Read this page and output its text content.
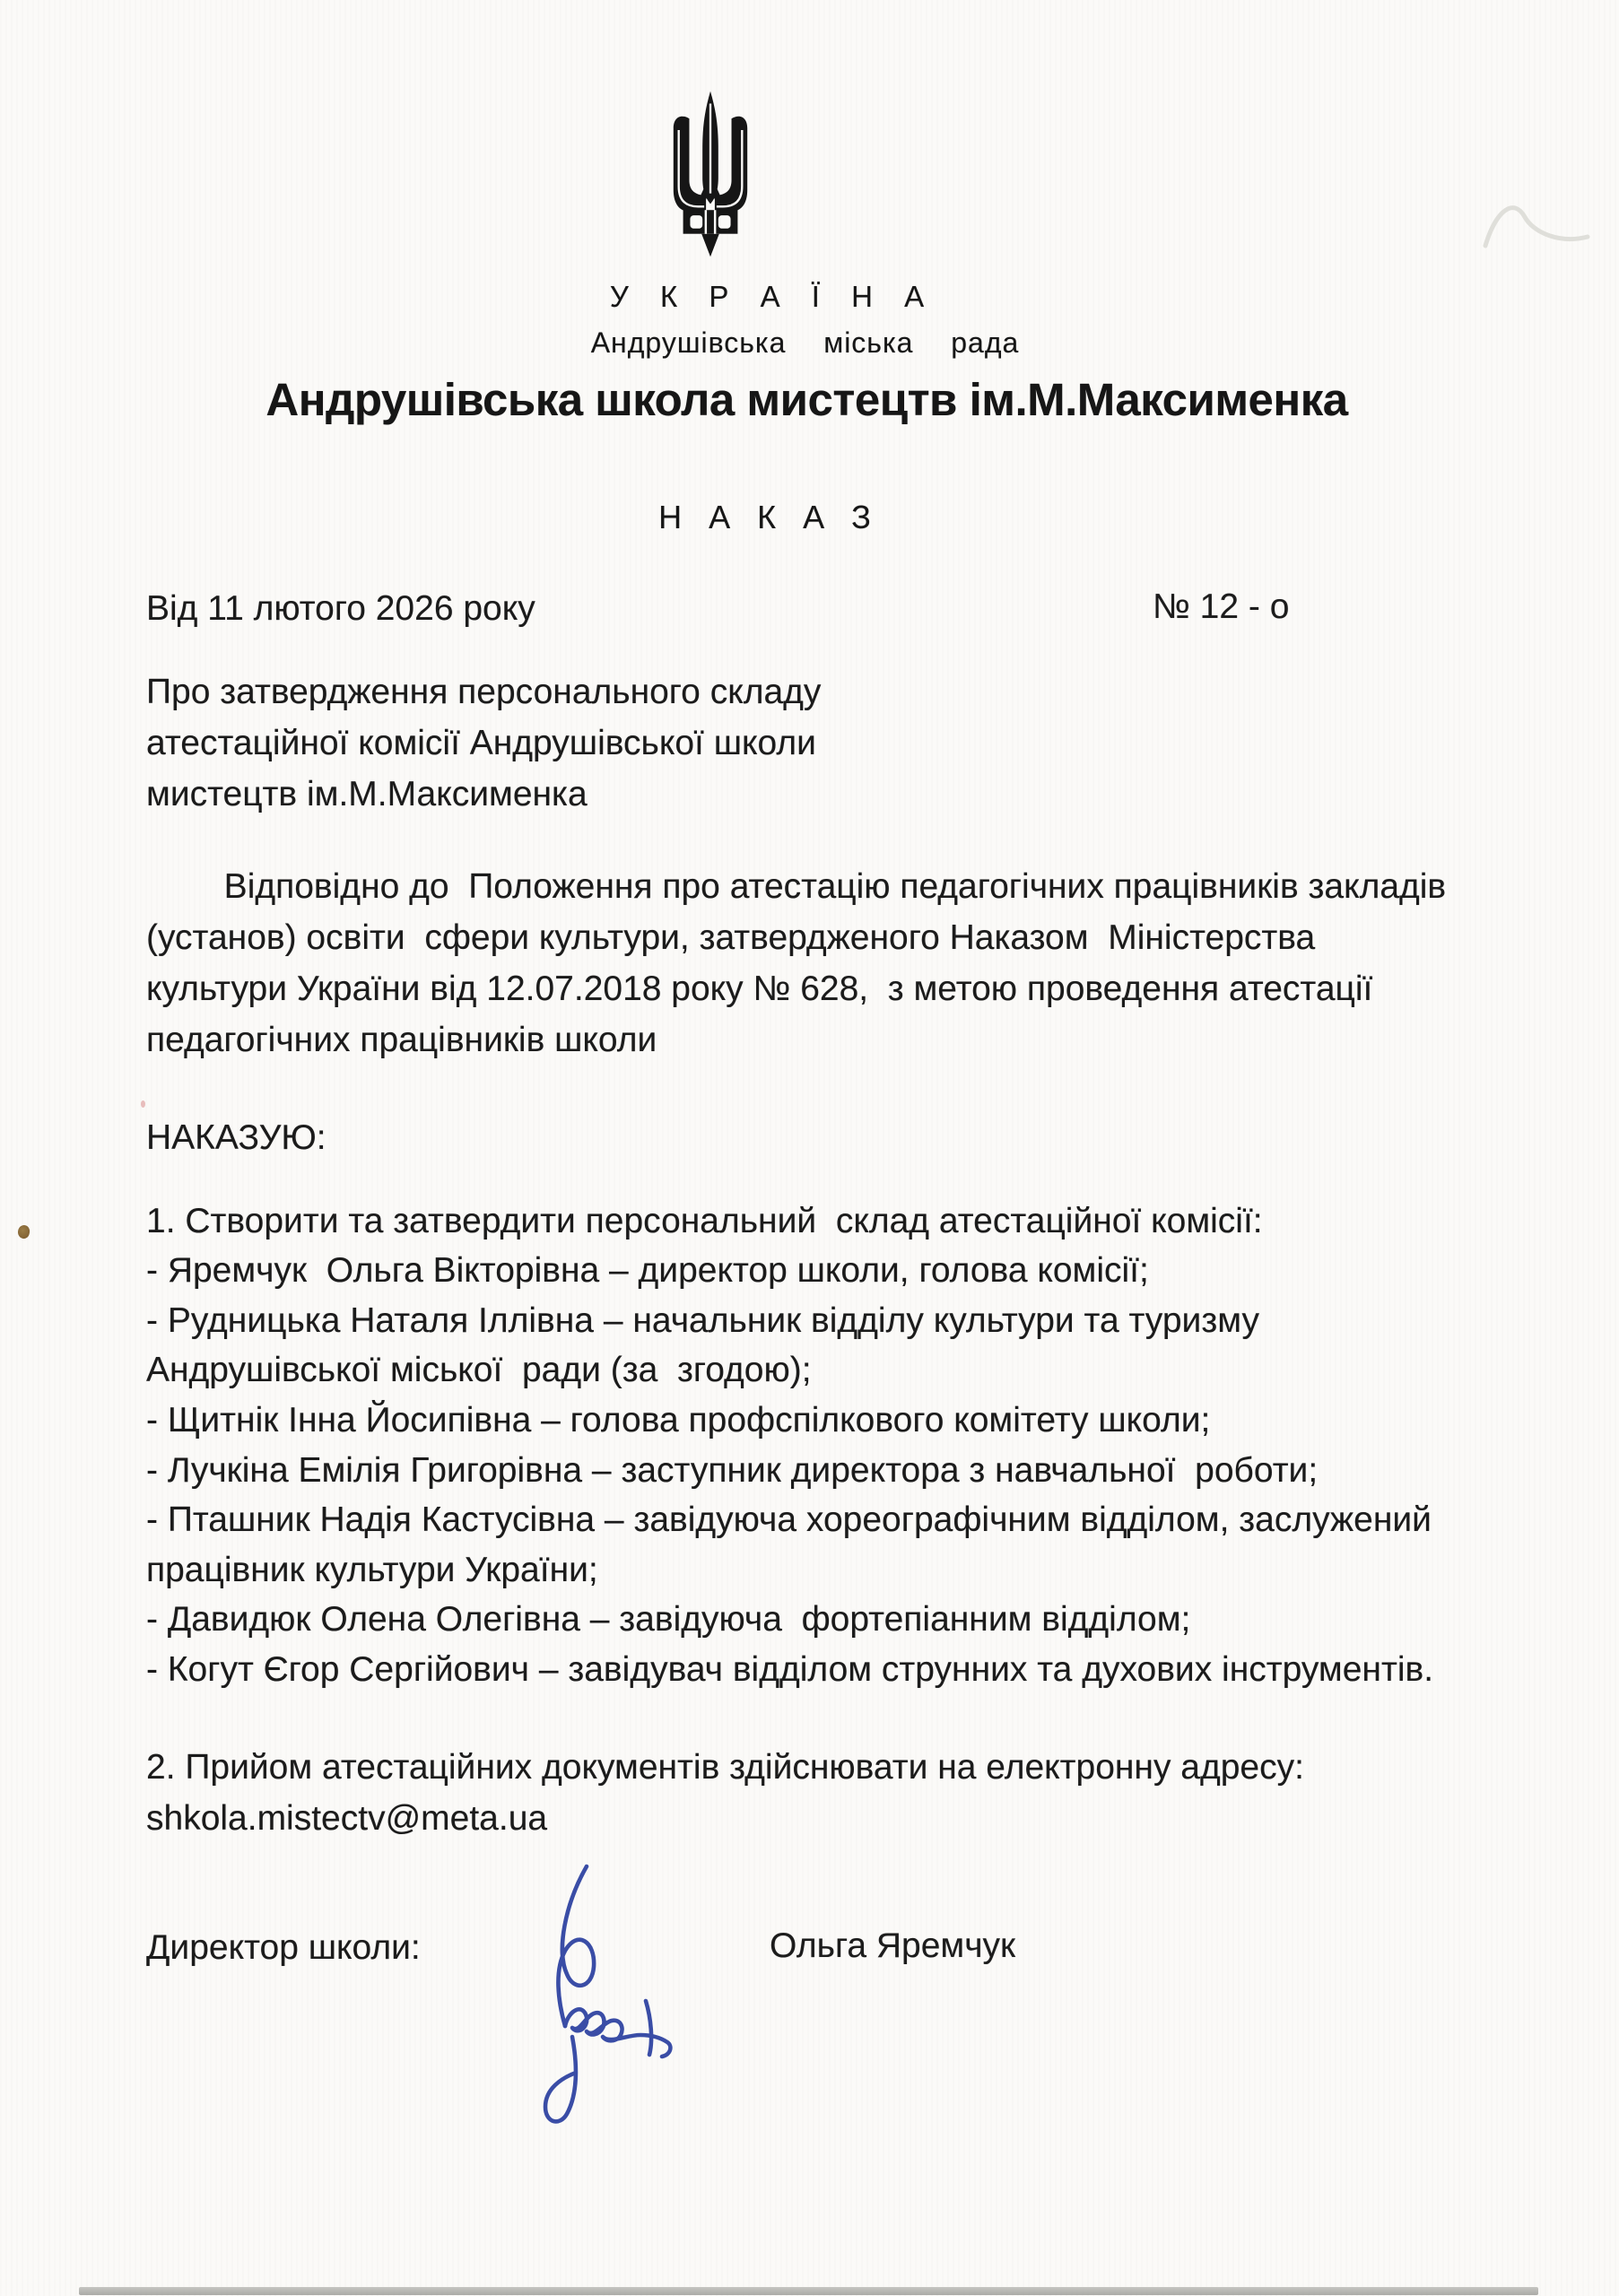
У К Р А Ї Н А
Андрушівська  міська  рада
Андрушівська школа мистецтв ім.М.Максименка
Н А К А З
Від 11 лютого 2026 року	№ 12 - о
Про затвердження персонального складу
атестаційної комісії Андрушівської школи
мистецтв ім.М.Максименка
Відповідно до  Положення про атестацію педагогічних працівників закладів
(установ) освіти  сфери культури, затвердженого Наказом  Міністерства
культури України від 12.07.2018 року № 628,  з метою проведення атестації
педагогічних працівників школи
НАКАЗУЮ:
1. Створити та затвердити персональний  склад атестаційної комісії:
- Яремчук  Ольга Вікторівна – директор школи, голова комісії;
- Рудницька Наталя Іллівна – начальник відділу культури та туризму
Андрушівської міської  ради (за  згодою);
- Щитнік Інна Йосипівна – голова профспілкового комітету школи;
- Лучкіна Емілія Григорівна – заступник директора з навчальної  роботи;
- Пташник Надія Кастусівна – завідуюча хореографічним відділом, заслужений
працівник культури України;
- Давидюк Олена Олегівна – завідуюча  фортепіанним відділом;
- Когут Єгор Сергійович – завідувач відділом струнних та духових інструментів.
2. Прийом атестаційних документів здійснювати на електронну адресу:
shkola.mistectv@meta.ua
Директор школи:	Ольга Яремчук
